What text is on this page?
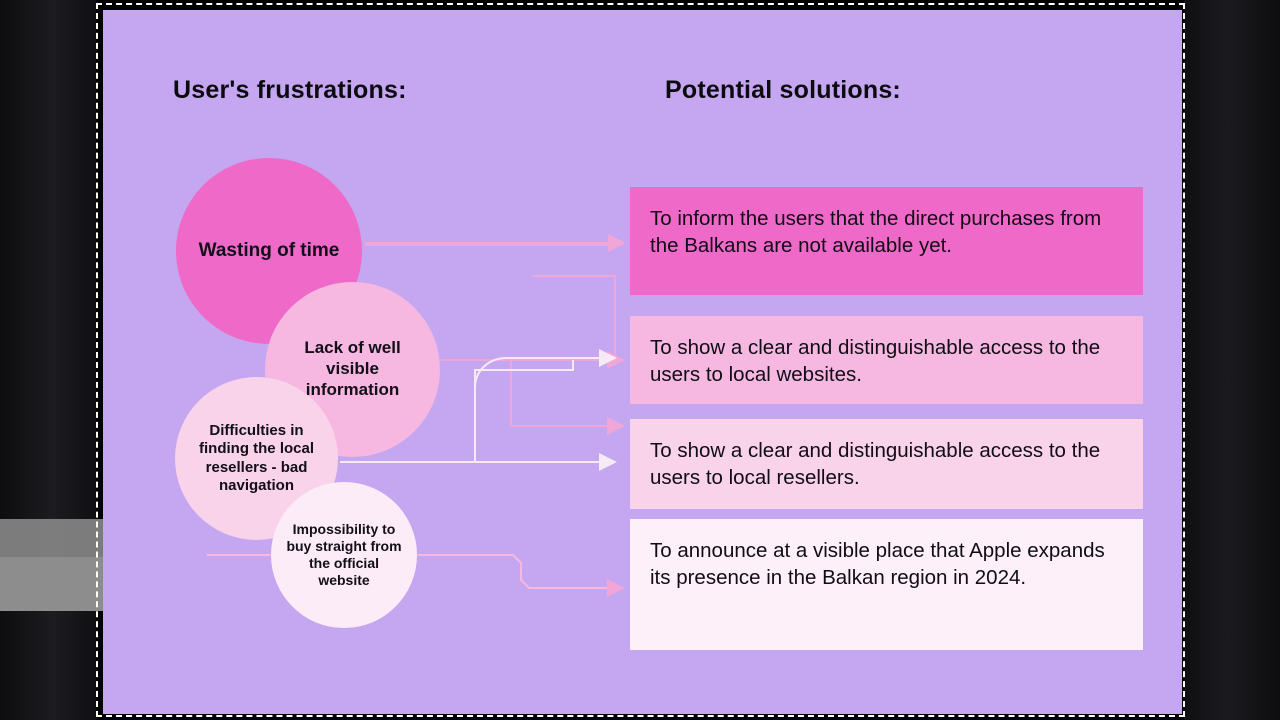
User's frustrations:	Potential solutions:
Wasting of time
Lack of well visible information
Difficulties in finding the local resellers - bad navigation
Impossibility to buy straight from the official website
To inform the users that the direct purchases from the Balkans are not available yet.
To show a clear and distinguishable access to the users to local websites.
To show a clear and distinguishable access to the users to local resellers.
To announce at a visible place that Apple expands its presence in the Balkan region in 2024.
